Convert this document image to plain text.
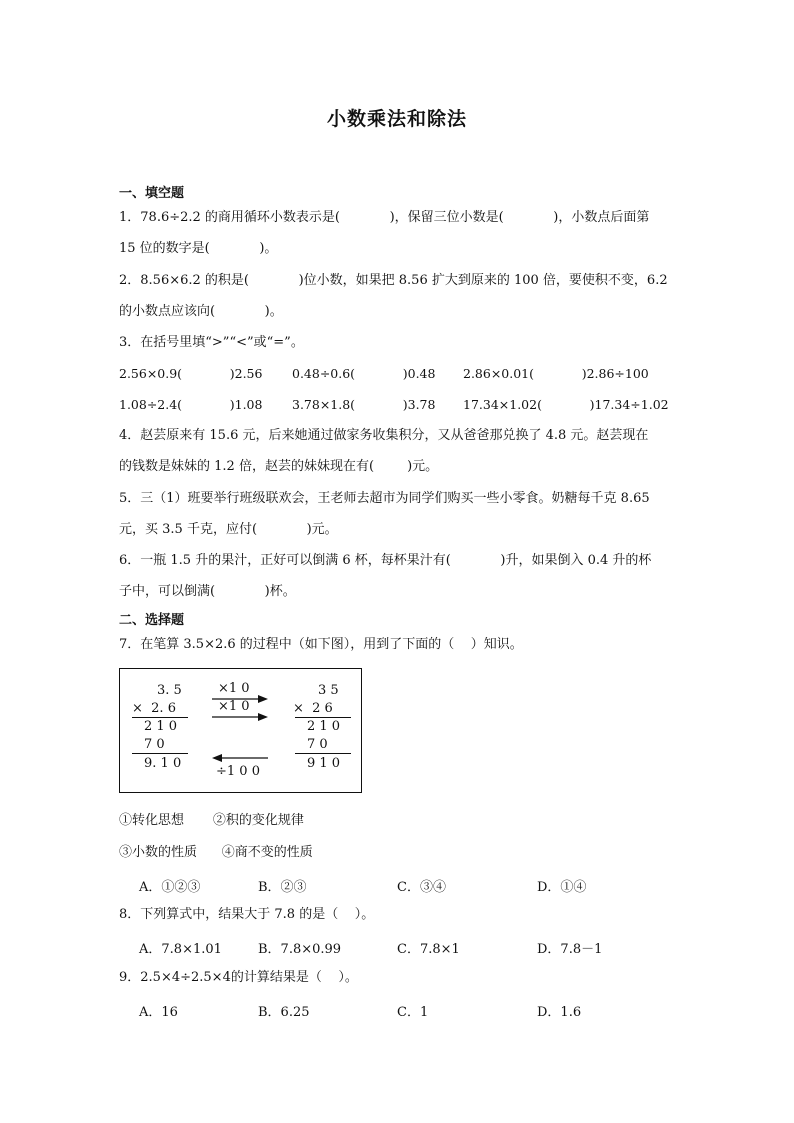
小数乘法和除法
一、填空题
1．78.6÷2.2 的商用循环小数表示是(            )，保留三位小数是(            )，小数点后面第
15 位的数字是(            )。
2．8.56×6.2 的积是(            )位小数，如果把 8.56 扩大到原来的 100 倍，要使积不变，6.2
的小数点应该向(            )。
3．在括号里填“>”“<”或“=”。
2.56×0.9(            )2.56 0.48÷0.6(            )0.48 2.86×0.01(            )2.86÷100
1.08÷2.4(            )1.08 3.78×1.8(            )3.78 17.34×1.02(            )17.34÷1.02
4．赵芸原来有 15.6 元，后来她通过做家务收集积分，又从爸爸那兑换了 4.8 元。赵芸现在
的钱数是妹妹的 1.2 倍，赵芸的妹妹现在有(        )元。
5．三（1）班要举行班级联欢会，王老师去超市为同学们购买一些小零食。奶糖每千克 8.65
元，买 3.5 千克，应付(            )元。
6．一瓶 1.5 升的果汁，正好可以倒满 6 杯，每杯果汁有(            )升，如果倒入 0.4 升的杯
子中，可以倒满(            )杯。
二、选择题
7．在笔算 3.5×2.6 的过程中（如下图），用到了下面的（    ）知识。
3. 5
×  2. 6
2 1 0
7 0
9. 1 0
×1 0
×1 0
÷1 0 0
3 5
×  2 6
2 1 0
7 0
9 1 0
①转化思想       ②积的变化规律
③小数的性质      ④商不变的性质
A．①②③	B．②③	C．③④	D．①④
8．下列算式中，结果大于 7.8 的是（    ）。
A．7.8×1.01	B．7.8×0.99	C．7.8×1	D．7.8－1
9．2.5×4÷2.5×4的计算结果是（    ）。
A．16	B．6.25	C．1	D．1.6
